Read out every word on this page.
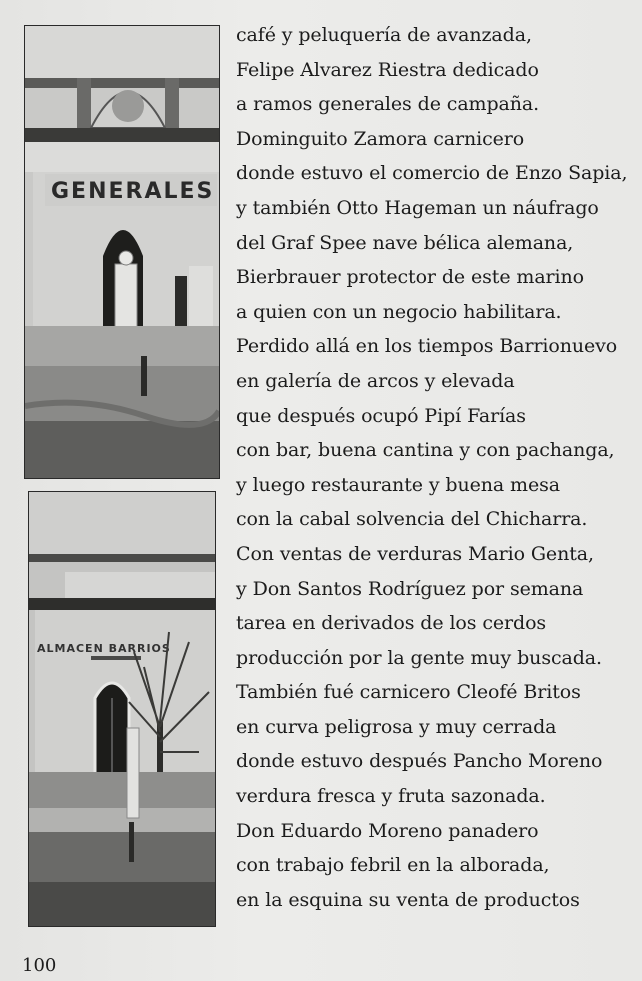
GENERALES
ALMACEN BARRIOS
café y peluquería de avanzada,
Felipe Alvarez Riestra dedicado
a ramos generales de campaña.
Dominguito Zamora carnicero
donde estuvo el comercio de Enzo Sapia,
y también Otto Hageman un náufrago
del Graf Spee nave bélica alemana,
Bierbrauer protector de este marino
a quien con un negocio habilitara.
Perdido allá en los tiempos Barrionuevo
en galería de arcos y elevada
que después ocupó Pipí Farías
con bar, buena cantina y con pachanga,
y luego restaurante y buena mesa
con la cabal solvencia del Chicharra.
Con ventas de verduras Mario Genta,
y Don Santos Rodríguez por semana
tarea en derivados de los cerdos
producción por la gente muy buscada.
También fué carnicero Cleofé Britos
en curva peligrosa y muy cerrada
donde estuvo después Pancho Moreno
verdura fresca y fruta sazonada.
Don Eduardo Moreno panadero
con trabajo febril en la alborada,
en la esquina su venta de productos
100
